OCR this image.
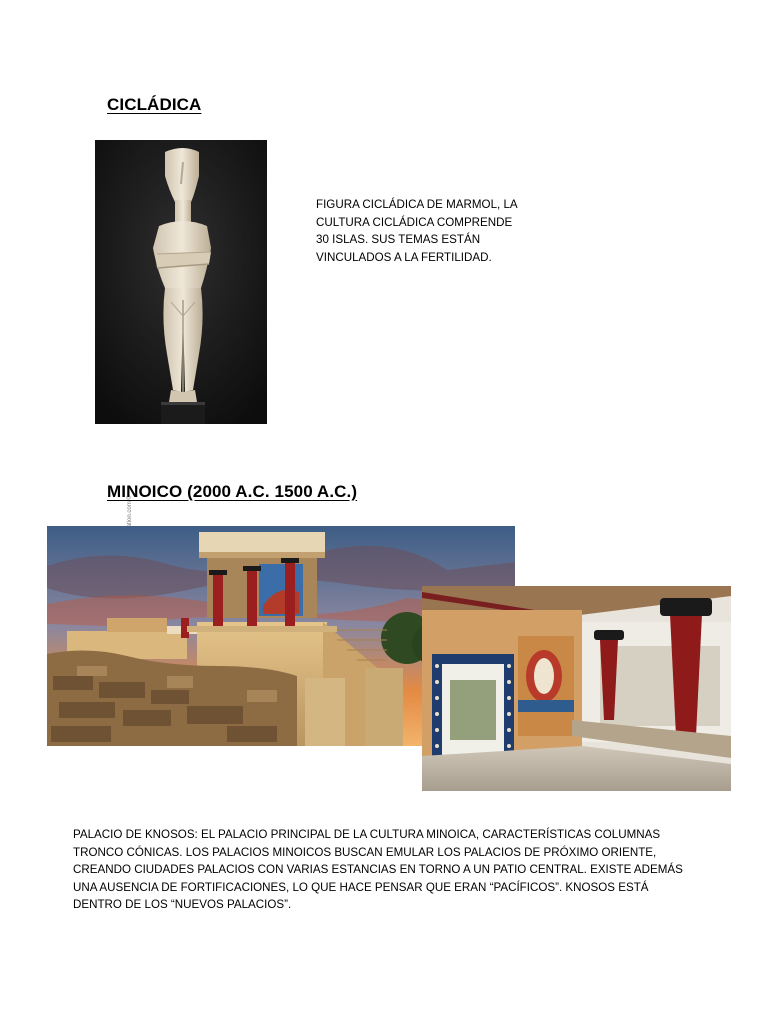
CICLÁDICA
FIGURA CICLÁDICA DE MARMOL, LA
CULTURA CICLÁDICA COMPRENDE
30 ISLAS. SUS TEMAS ESTÁN
VINCULADOS A LA FERTILIDAD.
MINOICO (2000 A.C. 1500 A.C.)
PALACIO DE KNOSOS: EL PALACIO PRINCIPAL DE LA CULTURA MINOICA, CARACTERÍSTICAS COLUMNAS
TRONCO CÓNICAS. LOS PALACIOS MINOICOS BUSCAN EMULAR LOS PALACIOS DE PRÓXIMO ORIENTE,
CREANDO CIUDADES PALACIOS CON VARIAS ESTANCIAS EN TORNO A UN PATIO CENTRAL. EXISTE ADEMÁS
UNA AUSENCIA DE FORTIFICACIONES, LO QUE HACE PENSAR QUE ERAN “PACÍFICOS”. KNOSOS ESTÁ
DENTRO DE LOS “NUEVOS PALACIOS”.
